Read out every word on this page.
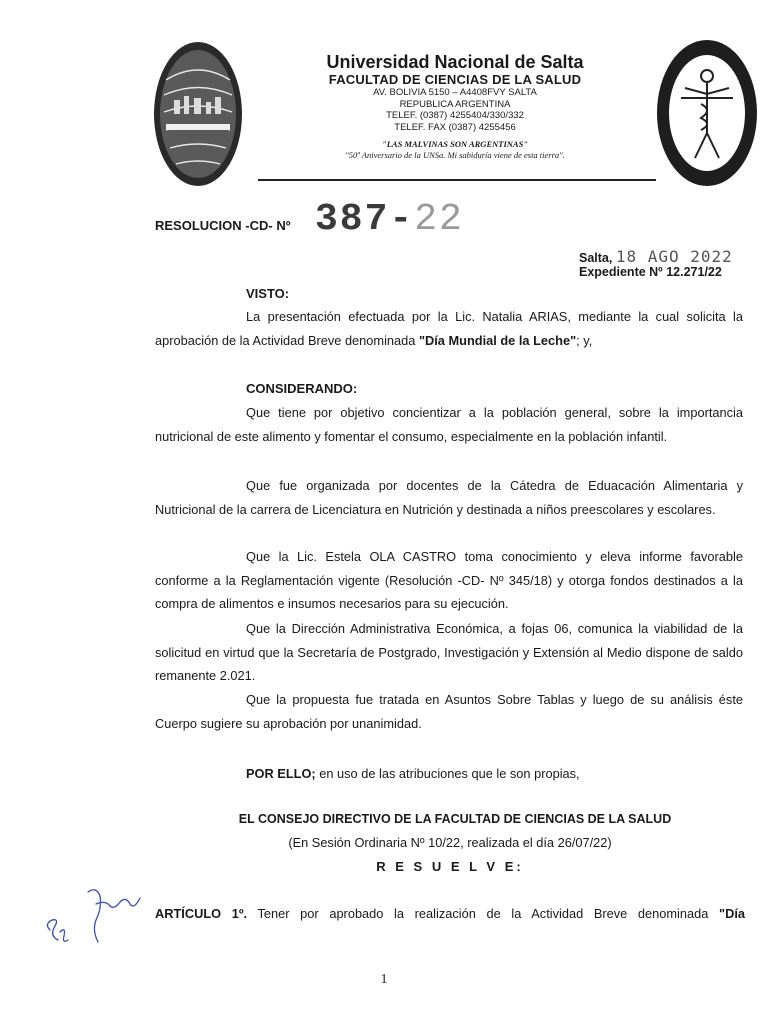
Universidad Nacional de Salta
FACULTAD DE CIENCIAS DE LA SALUD
AV. BOLIVIA 5150 – A4408FVY SALTA
REPUBLICA ARGENTINA
TELEF. (0387) 4255404/330/332
TELEF. FAX (0387) 4255456
"LAS MALVINAS SON ARGENTINAS"
"50º Aniversario de la UNSa. Mi sabiduría viene de esta tierra".
RESOLUCION -CD- Nº 387-22
Salta, 18 AGO 2022
Expediente Nº 12.271/22
VISTO:
La presentación efectuada por la Lic. Natalia ARIAS, mediante la cual solicita la aprobación de la Actividad Breve denominada "Día Mundial de la Leche"; y,
CONSIDERANDO:
Que tiene por objetivo concientizar a la población general, sobre la importancia nutricional de este alimento y fomentar el consumo, especialmente en la población infantil.
Que fue organizada por docentes de la Cátedra de Eduacación Alimentaria y Nutricional de la carrera de Licenciatura en Nutrición y destinada a niños preescolares y escolares.
Que la Lic. Estela OLA CASTRO toma conocimiento y eleva informe favorable conforme a la Reglamentación vigente (Resolución -CD- Nº 345/18) y otorga fondos destinados a la compra de alimentos e insumos necesarios para su ejecución.
Que la Dirección Administrativa Económica, a fojas 06, comunica la viabilidad de la solicitud en virtud que la Secretaría de Postgrado, Investigación y Extensión al Medio dispone de saldo remanente 2.021.
Que la propuesta fue tratada en Asuntos Sobre Tablas y luego de su análisis éste Cuerpo sugiere su aprobación por unanimidad.
POR ELLO; en uso de las atribuciones que le son propias,
EL CONSEJO DIRECTIVO DE LA FACULTAD DE CIENCIAS DE LA SALUD
(En Sesión Ordinaria Nº 10/22, realizada el día 26/07/22)
R E S U E L V E:
ARTÍCULO 1º. Tener por aprobado la realización de la Actividad Breve denominada "Día
1
